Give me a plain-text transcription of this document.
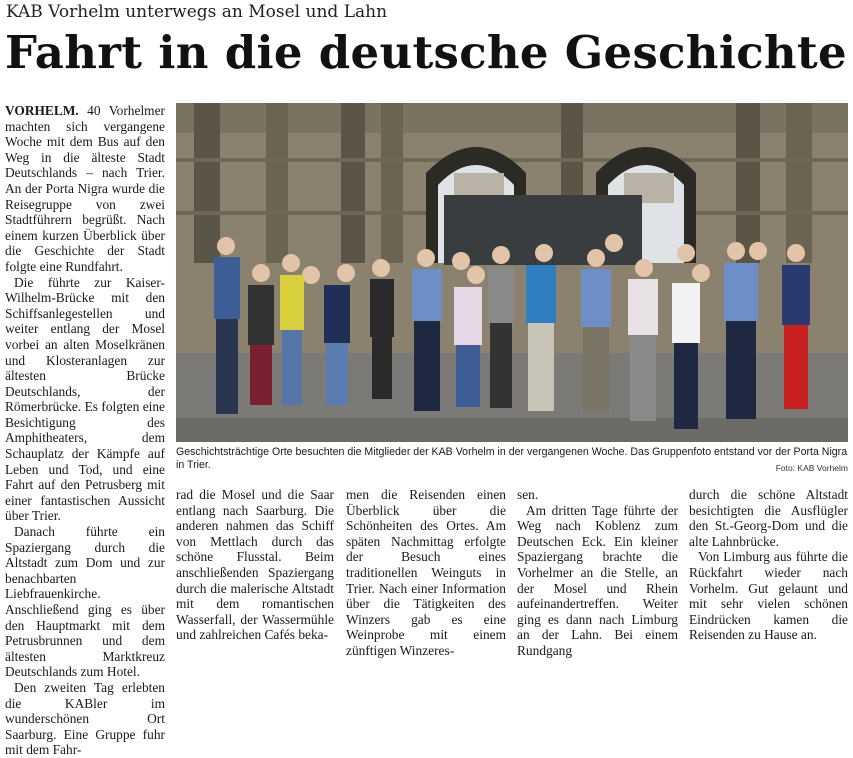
KAB Vorhelm unterwegs an Mosel und Lahn
Fahrt in die deutsche Geschichte

VORHELM. 40 Vorhelmer machten sich vergangene Woche mit dem Bus auf den Weg in die älteste Stadt Deutschlands – nach Trier. An der Porta Nigra wurde die Reisegruppe von zwei Stadtführern begrüßt. Nach einem kurzen Überblick über die Geschichte der Stadt folgte eine Rundfahrt.

Die führte zur Kaiser-Wilhelm-Brücke mit den Schiffsanlegestellen und weiter entlang der Mosel vorbei an alten Moselkränen und Klosteranlagen zur ältesten Brücke Deutschlands, der Römerbrücke. Es folgten eine Besichtigung des Amphitheaters, dem Schauplatz der Kämpfe auf Leben und Tod, und eine Fahrt auf den Petrusberg mit einer fantastischen Aussicht über Trier.

Danach führte ein Spaziergang durch die Altstadt zum Dom und zur benachbarten Liebfrauenkirche. Anschließend ging es über den Hauptmarkt mit dem Petrusbrunnen und dem ältesten Marktkreuz Deutschlands zum Hotel.

Den zweiten Tag erlebten die KABler im wunderschönen Ort Saarburg. Eine Gruppe fuhr mit dem Fahr-

Geschichtsträchtige Orte besuchten die Mitglieder der KAB Vorhelm in der vergangenen Woche. Das Gruppenfoto entstand vor der Porta Nigra in Trier.	Foto: KAB Vorhelm

rad die Mosel und die Saar entlang nach Saarburg. Die anderen nahmen das Schiff von Mettlach durch das schöne Flusstal. Beim anschließenden Spaziergang durch die malerische Altstadt mit dem romantischen Wasserfall, der Wassermühle und zahlreichen Cafés beka-

men die Reisenden einen Überblick über die Schönheiten des Ortes. Am späten Nachmittag erfolgte der Besuch eines traditionellen Weinguts in Trier. Nach einer Information über die Tätigkeiten des Winzers gab es eine Weinprobe mit einem zünftigen Winzeres-

sen.

Am dritten Tage führte der Weg nach Koblenz zum Deutschen Eck. Ein kleiner Spaziergang brachte die Vorhelmer an die Stelle, an der Mosel und Rhein aufeinandertreffen. Weiter ging es dann nach Limburg an der Lahn. Bei einem Rundgang

durch die schöne Altstadt besichtigten die Ausflügler den St.-Georg-Dom und die alte Lahnbrücke.

Von Limburg aus führte die Rückfahrt wieder nach Vorhelm. Gut gelaunt und mit sehr vielen schönen Eindrücken kamen die Reisenden zu Hause an.
